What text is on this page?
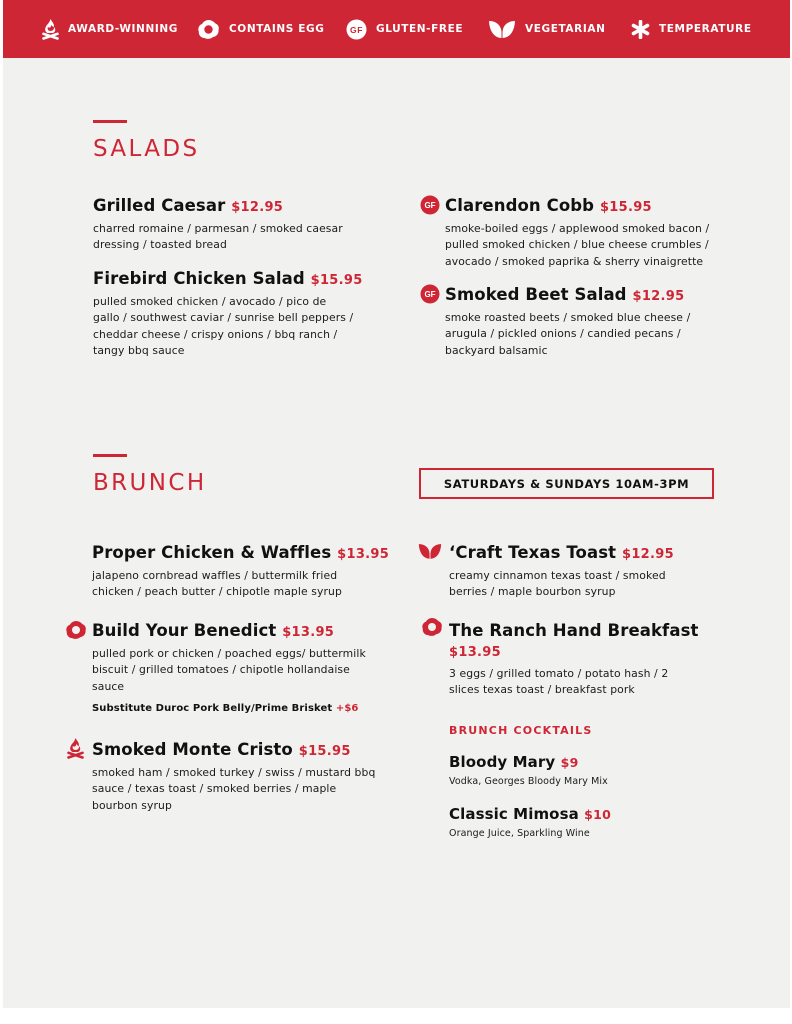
AWARD-WINNING	CONTAINS EGG	GF GLUTEN-FREE	VEGETARIAN	TEMPERATURE
SALADS

Grilled Caesar $12.95

charred romaine / parmesan / smoked caesar dressing / toasted bread

Firebird Chicken Salad $15.95

pulled smoked chicken / avocado / pico de gallo / southwest caviar / sunrise bell peppers / cheddar cheese / crispy onions / bbq ranch / tangy bbq sauce

GF Clarendon Cobb $15.95

smoke-boiled eggs / applewood smoked bacon / pulled smoked chicken / blue cheese crumbles / avocado / smoked paprika & sherry vinaigrette

GF Smoked Beet Salad $12.95

smoke roasted beets / smoked blue cheese / arugula / pickled onions / candied pecans / backyard balsamic

BRUNCH	SATURDAYS & SUNDAYS 10AM-3PM

Proper Chicken & Waffles $13.95

jalapeno cornbread waffles / buttermilk fried chicken / peach butter / chipotle maple syrup

Build Your Benedict $13.95

pulled pork or chicken / poached eggs/ buttermilk biscuit / grilled tomatoes / chipotle hollandaise sauce

Substitute Duroc Pork Belly/Prime Brisket +$6

Smoked Monte Cristo $15.95

smoked ham / smoked turkey / swiss / mustard bbq sauce / texas toast / smoked berries / maple bourbon syrup

‘Craft Texas Toast $12.95

creamy cinnamon texas toast / smoked berries / maple bourbon syrup

The Ranch Hand Breakfast
$13.95

3 eggs / grilled tomato / potato hash / 2 slices texas toast / breakfast pork

BRUNCH COCKTAILS

Bloody Mary $9

Vodka, Georges Bloody Mary Mix

Classic Mimosa $10

Orange Juice, Sparkling Wine
